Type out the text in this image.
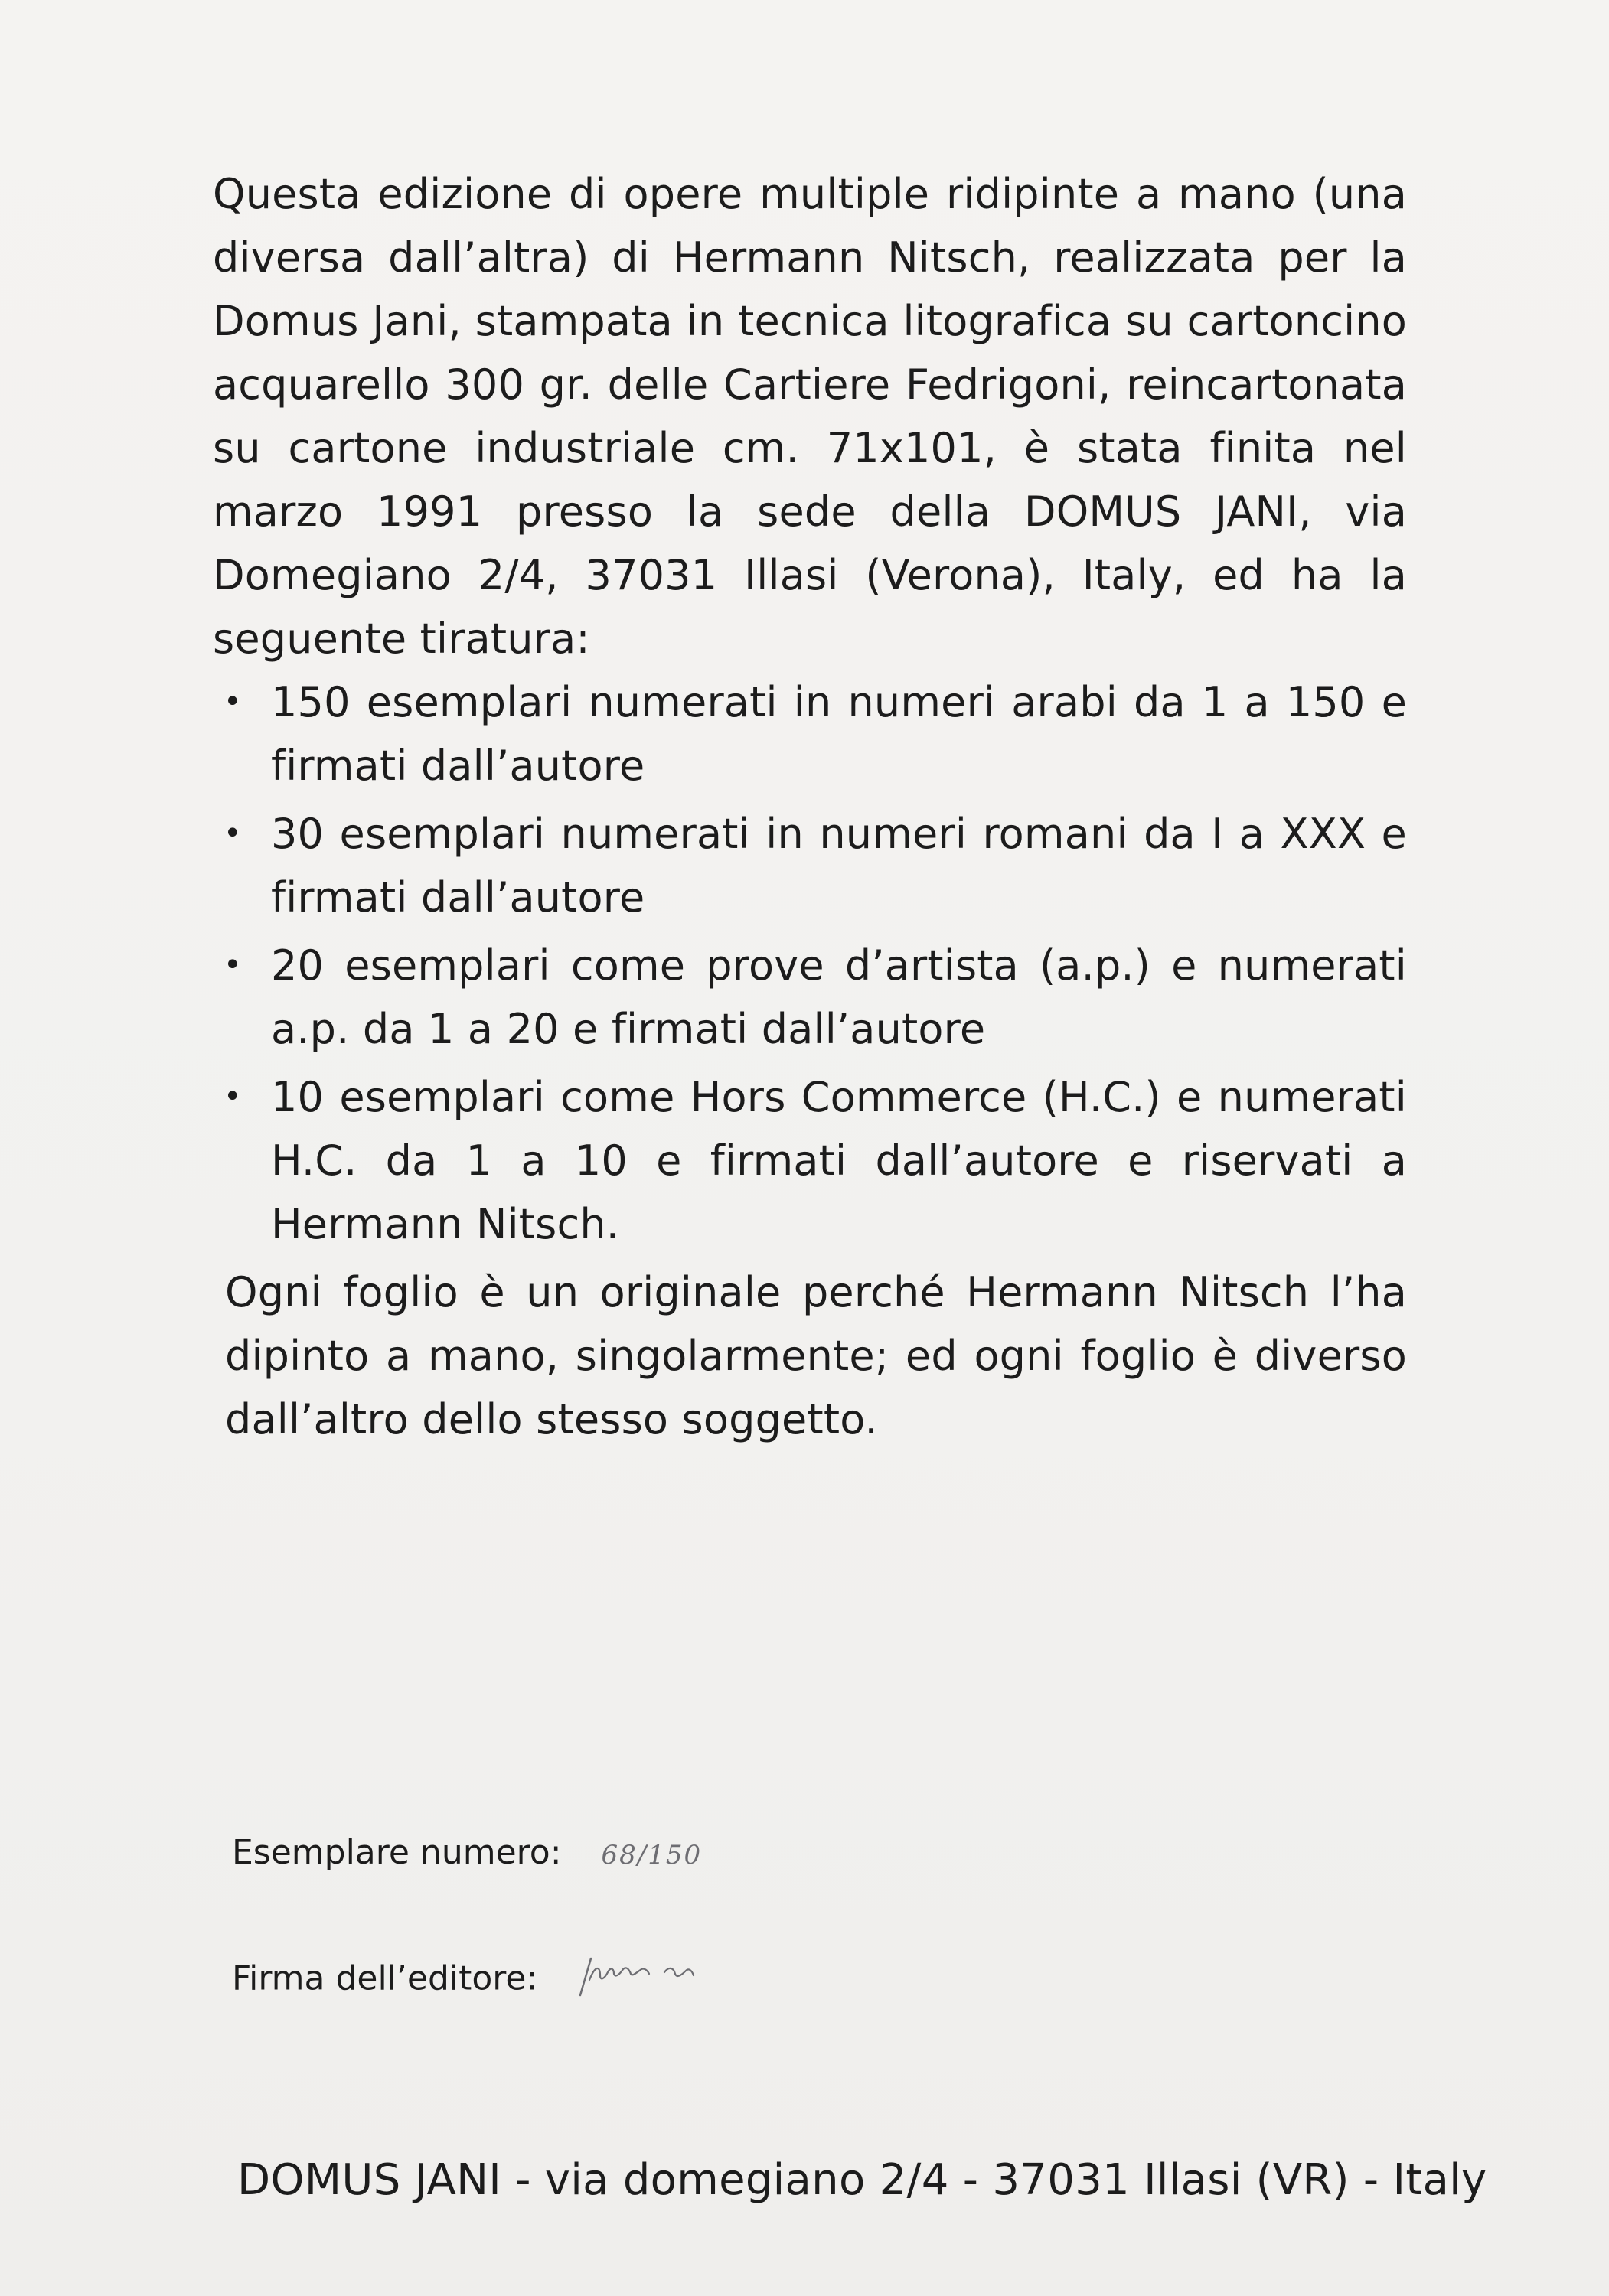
Questa edizione di opere multiple ridipinte a mano (una diversa dall’altra) di Hermann Nitsch, realizzata per la Domus Jani, stampata in tecnica litografica su cartoncino acquarello 300 gr. delle Cartiere Fedrigoni, reincartonata su cartone industriale cm. 71x101, è stata finita nel marzo 1991 presso la sede della DOMUS JANI, via Domegiano 2/4, 37031 Illasi (Verona), Italy, ed ha la seguente tiratura:

• 150 esemplari numerati in numeri arabi da 1 a 150 e firmati dall’autore
• 30 esemplari numerati in numeri romani da I a XXX e firmati dall’autore
• 20 esemplari come prove d’artista (a.p.) e numerati a.p. da 1 a 20 e firmati dall’autore
• 10 esemplari come Hors Commerce (H.C.) e numerati H.C. da 1 a 10 e firmati dall’autore e riservati a Hermann Nitsch.

Ogni foglio è un originale perché Hermann Nitsch l’ha dipinto a mano, singolarmente; ed ogni foglio è diverso dall’altro dello stesso soggetto.

Esemplare numero: 68/150
Firma dell’editore:
DOMUS JANI - via domegiano 2/4 - 37031 Illasi (VR) - Italy
